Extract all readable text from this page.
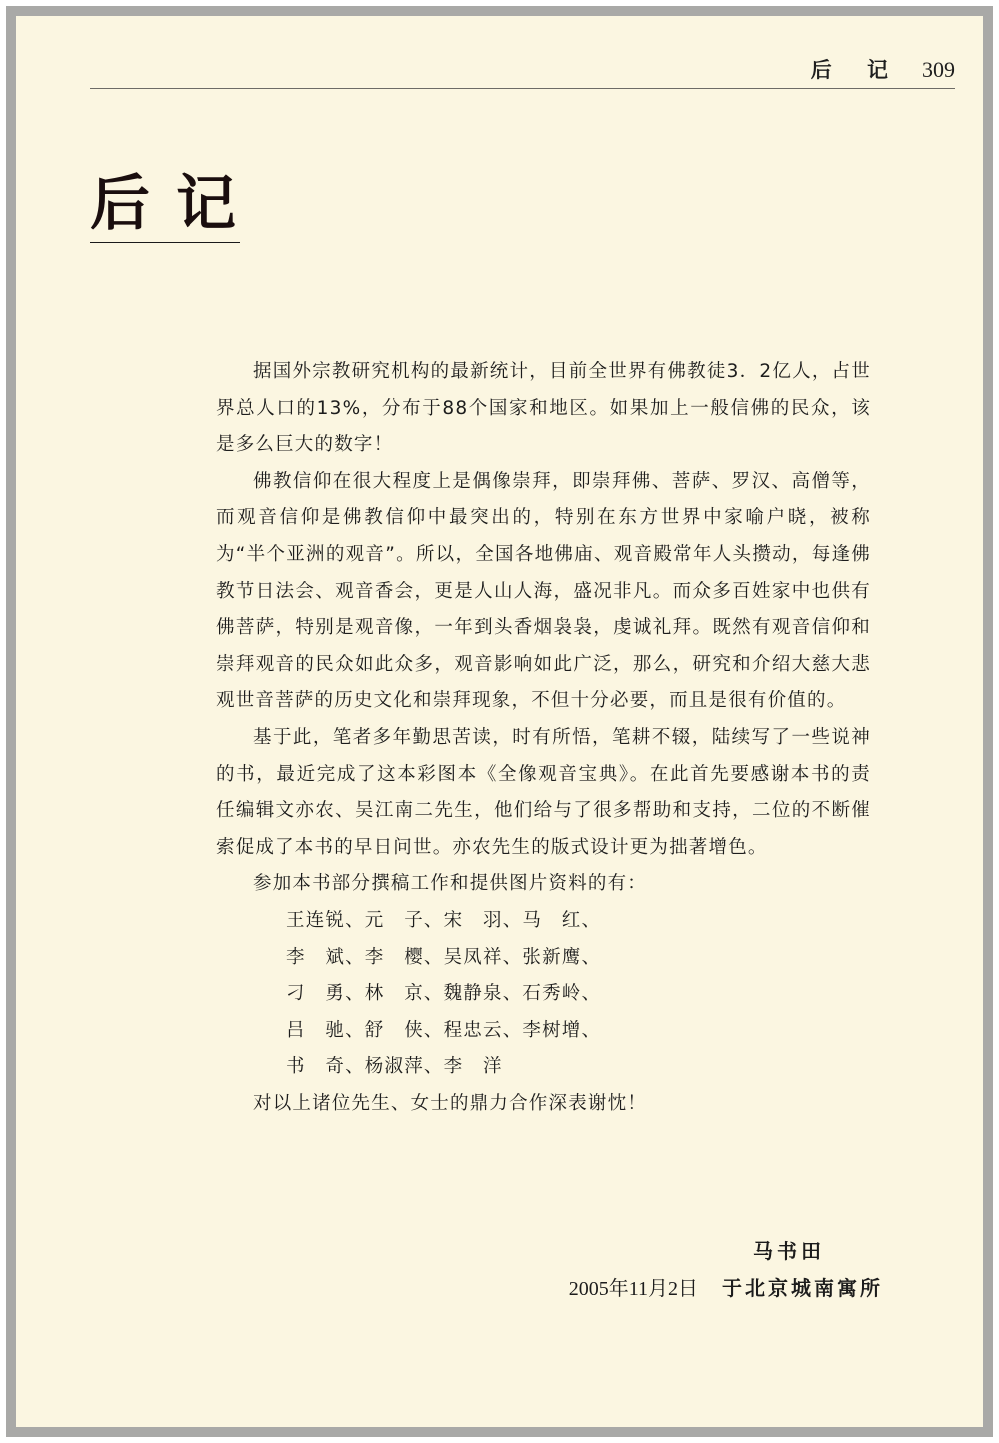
后 记 309
后记

据国外宗教研究机构的最新统计，目前全世界有佛教徒3．2亿人，占世界总人口的13%，分布于88个国家和地区。如果加上一般信佛的民众，该是多么巨大的数字！

佛教信仰在很大程度上是偶像崇拜，即崇拜佛、菩萨、罗汉、高僧等，而观音信仰是佛教信仰中最突出的，特别在东方世界中家喻户晓，被称为“半个亚洲的观音”。所以，全国各地佛庙、观音殿常年人头攒动，每逢佛教节日法会、观音香会，更是人山人海，盛况非凡。而众多百姓家中也供有佛菩萨，特别是观音像，一年到头香烟袅袅，虔诚礼拜。既然有观音信仰和崇拜观音的民众如此众多，观音影响如此广泛，那么，研究和介绍大慈大悲观世音菩萨的历史文化和崇拜现象，不但十分必要，而且是很有价值的。

基于此，笔者多年勤思苦读，时有所悟，笔耕不辍，陆续写了一些说神的书，最近完成了这本彩图本《全像观音宝典》。在此首先要感谢本书的责任编辑文亦农、吴江南二先生，他们给与了很多帮助和支持，二位的不断催索促成了本书的早日问世。亦农先生的版式设计更为拙著增色。

参加本书部分撰稿工作和提供图片资料的有：

王连锐、元　子、宋　羽、马　红、
李　斌、李　樱、吴凤祥、张新鹰、
刁　勇、林　京、魏静泉、石秀岭、
吕　驰、舒　侠、程忠云、李树增、
书　奇、杨淑萍、李　洋

对以上诸位先生、女士的鼎力合作深表谢忱！

马书田
2005年11月2日 于北京城南寓所
